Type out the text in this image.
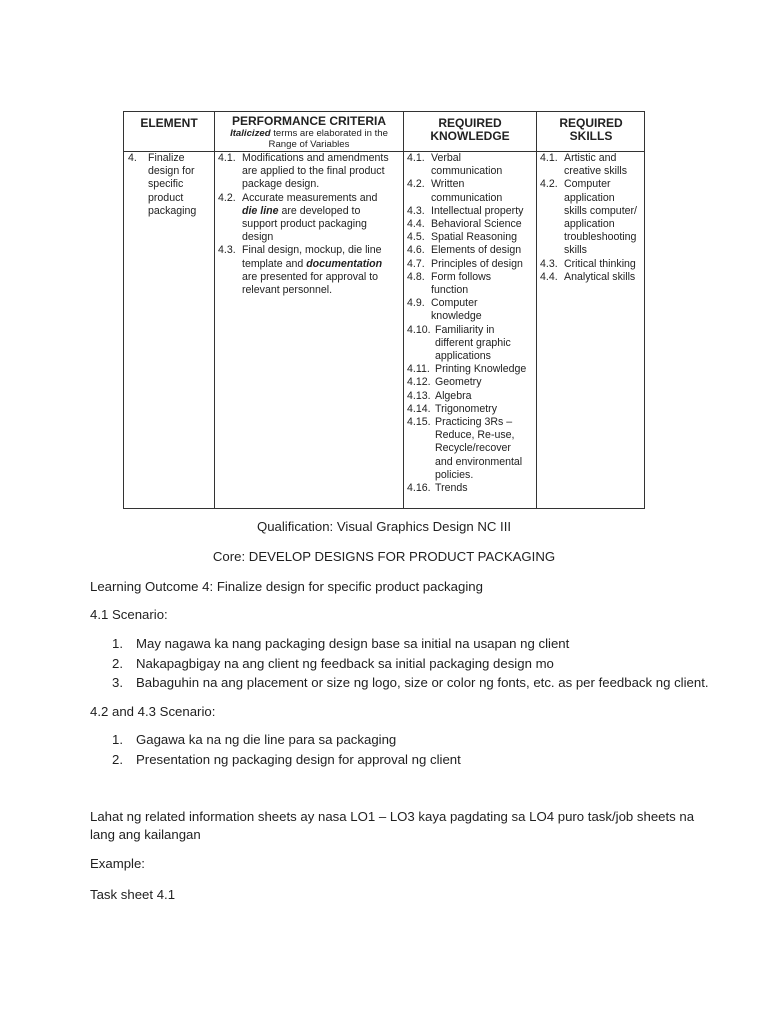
ELEMENT	PERFORMANCE CRITERIA
Italicized terms are elaborated in the Range of Variables
REQUIRED KNOWLEDGE
REQUIRED SKILLS
4. Finalize
design for
specific
product
packaging
4.1. Modifications and amendments
are applied to the final product
package design.
4.2. Accurate measurements and
die line are developed to
support product packaging
design
4.3. Final design, mockup, die line
template and documentation
are presented for approval to
relevant personnel.
4.1. Verbal
communication
4.2. Written
communication
4.3. Intellectual property
4.4. Behavioral Science
4.5. Spatial Reasoning
4.6. Elements of design
4.7. Principles of design
4.8. Form follows
function
4.9. Computer
knowledge
4.10. Familiarity in
different graphic
applications
4.11. Printing Knowledge
4.12. Geometry
4.13. Algebra
4.14. Trigonometry
4.15. Practicing 3Rs –
Reduce, Re-use,
Recycle/recover
and environmental
policies.
4.16. Trends
4.1. Artistic and
creative skills
4.2. Computer
application
skills computer/
application
troubleshooting
skills
4.3. Critical thinking
4.4. Analytical skills
Qualification: Visual Graphics Design NC III
Core: DEVELOP DESIGNS FOR PRODUCT PACKAGING
Learning Outcome 4: Finalize design for specific product packaging
4.1 Scenario:
1. May nagawa ka nang packaging design base sa initial na usapan ng client
2. Nakapagbigay na ang client ng feedback sa initial packaging design mo
3. Babaguhin na ang placement or size ng logo, size or color ng fonts, etc. as per feedback ng client.
4.2 and 4.3 Scenario:
1. Gagawa ka na ng die line para sa packaging
2. Presentation ng packaging design for approval ng client
Lahat ng related information sheets ay nasa LO1 – LO3 kaya pagdating sa LO4 puro task/job sheets na
lang ang kailangan
Example:
Task sheet 4.1
